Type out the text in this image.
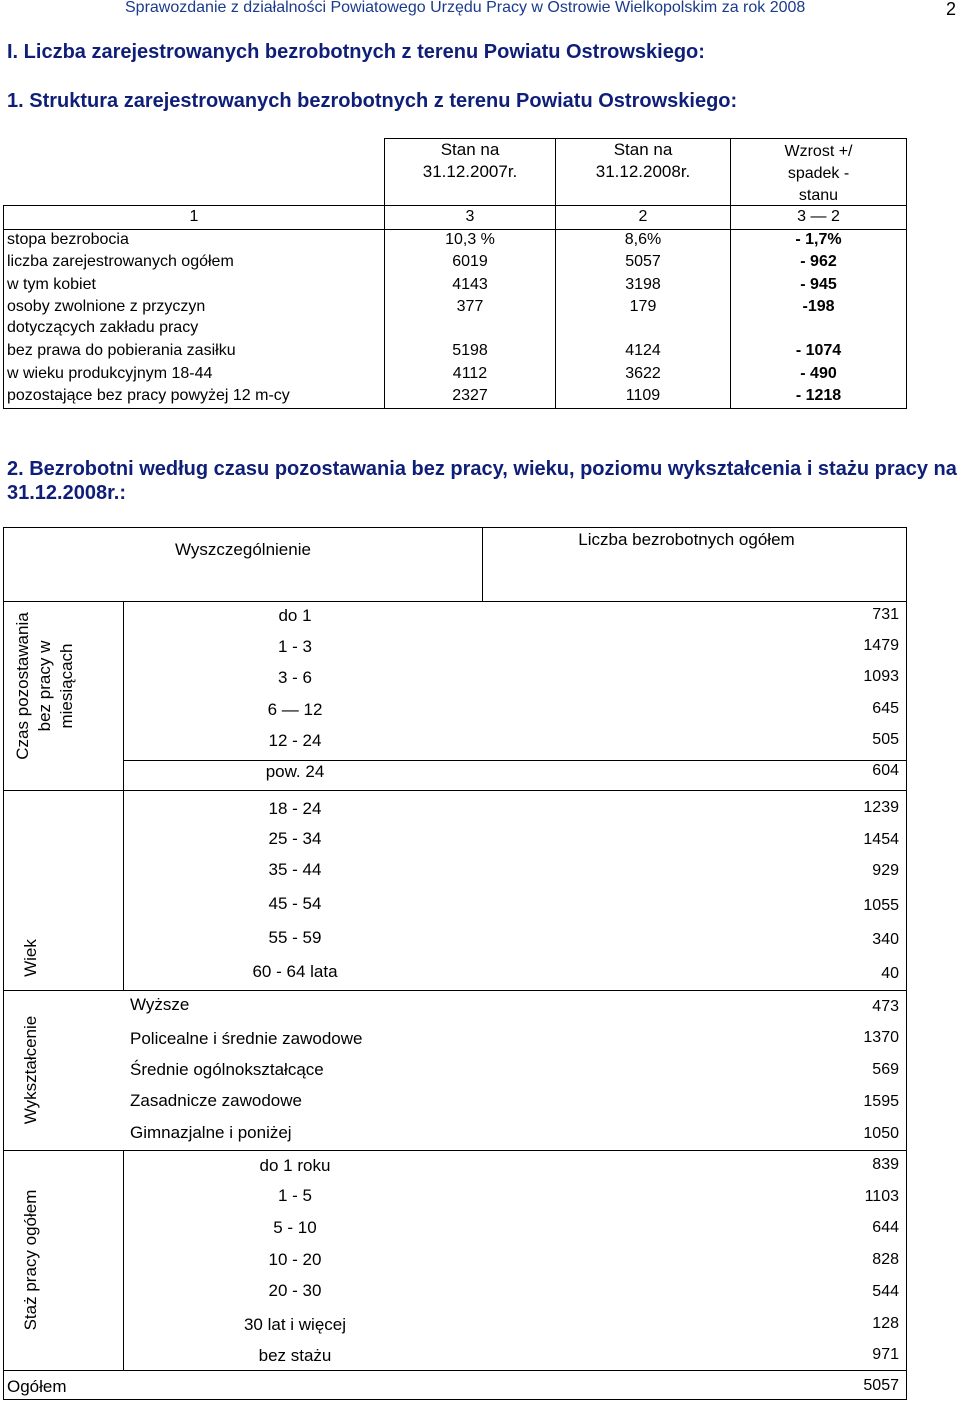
Sprawozdanie z działalności Powiatowego Urzędu Pracy w Ostrowie Wielkopolskim za rok 2008	2
I. Liczba zarejestrowanych bezrobotnych z terenu Powiatu Ostrowskiego:
1. Struktura zarejestrowanych bezrobotnych z terenu Powiatu Ostrowskiego:
Stan na
31.12.2007r.
Stan na
31.12.2008r.
Wzrost +/
spadek -
stanu
1	3	2	3 — 2
stopa bezrobocia	10,3 %	8,6%	- 1,7%
liczba zarejestrowanych ogółem	6019	5057	- 962
w tym kobiet	4143	3198	- 945
osoby zwolnione z przyczyn
dotyczących zakładu pracy
377	179	-198
bez prawa do pobierania zasiłku	5198	4124	- 1074
w wieku produkcyjnym 18-44	4112	3622	- 490
pozostające bez pracy powyżej 12 m-cy	2327	1109	- 1218
2. Bezrobotni według czasu pozostawania bez pracy, wieku, poziomu wykształcenia i stażu pracy na 31.12.2008r.:
Wyszczególnienie
Liczba bezrobotnych ogółem
Czas pozostawania bez pracy w miesiącach
Wiek
Wykształcenie
Staż pracy ogółem
do 1	731
1 - 3	1479
3 - 6	1093
6 — 12	645
12 - 24	505
pow. 24	604
18 - 24	1239
25 - 34	1454
35 - 44	929
45 - 54	1055
55 - 59	340
60 - 64 lata	40
Wyższe	473
Policealne i średnie zawodowe	1370
Średnie ogólnokształcące	569
Zasadnicze zawodowe	1595
Gimnazjalne i poniżej	1050
do 1 roku	839
1 - 5	1103
5 - 10	644
10 - 20	828
20 - 30	544
30 lat i więcej	128
bez stażu	971
Ogółem	5057
